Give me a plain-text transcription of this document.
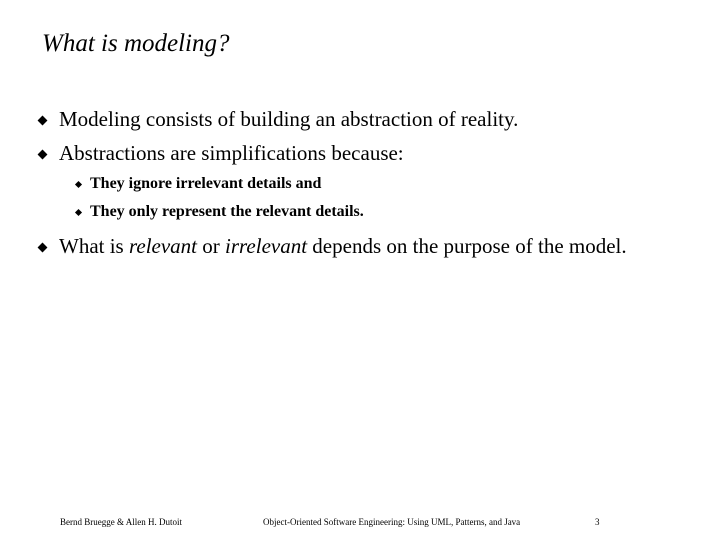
What is modeling?
Modeling consists of building an abstraction of reality.
Abstractions are simplifications because:
They ignore irrelevant details and
They only represent the relevant details.
What is relevant or irrelevant depends on the purpose of the model.
Bernd Bruegge & Allen H. Dutoit	Object-Oriented Software Engineering: Using UML, Patterns, and Java	3
